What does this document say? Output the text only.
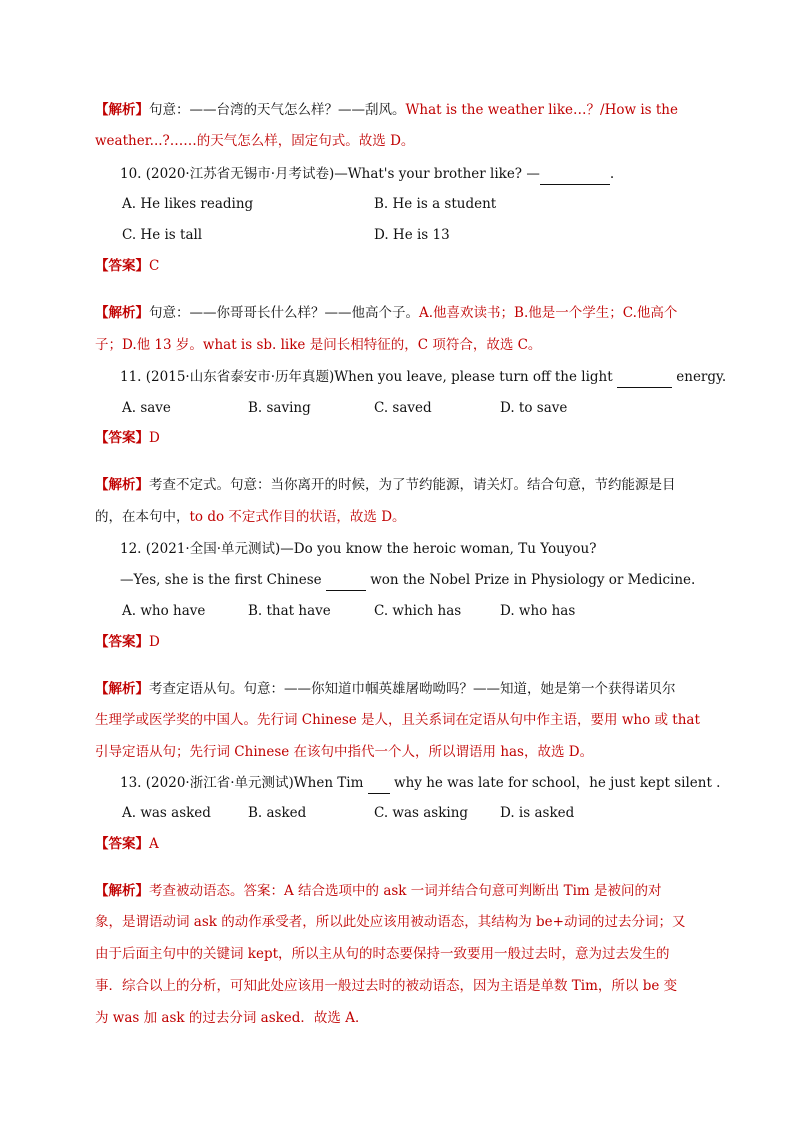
【解析】句意：——台湾的天气怎么样？——刮风。What is the weather like…？/How is the
weather...?……的天气怎么样，固定句式。故选 D。
10. (2020·江苏省无锡市·月考试卷)—What's your brother like? —	.
A. He likes reading	B. He is a student
C. He is tall	D. He is 13
【答案】C
【解析】句意：——你哥哥长什么样？——他高个子。A.他喜欢读书；B.他是一个学生；C.他高个
子；D.他 13 岁。what is sb. like 是问长相特征的，C 项符合，故选 C。
11. (2015·山东省泰安市·历年真题)When you leave, please turn off the light	energy.
A. save	B. saving	C. saved	D. to save
【答案】D
【解析】考查不定式。句意：当你离开的时候，为了节约能源，请关灯。结合句意，节约能源是目
的，在本句中，to do 不定式作目的状语，故选 D。
12. (2021·全国·单元测试)—Do you know the heroic woman, Tu Youyou?
—Yes, she is the first Chinese	won the Nobel Prize in Physiology or Medicine.
A. who have	B. that have	C. which has	D. who has
【答案】D
【解析】考查定语从句。句意：——你知道巾帼英雄屠呦呦吗？——知道，她是第一个获得诺贝尔
生理学或医学奖的中国人。先行词 Chinese 是人，且关系词在定语从句中作主语，要用 who 或 that
引导定语从句；先行词 Chinese 在该句中指代一个人，所以谓语用 has，故选 D。
13. (2020·浙江省·单元测试)When Tim   why he was late for school，he just kept silent .
A. was asked	B. asked	C. was asking D. is asked
【答案】A
【解析】考查被动语态。答案：A 结合选项中的 ask 一词并结合句意可判断出 Tim 是被问的对
象，是谓语动词 ask 的动作承受者，所以此处应该用被动语态，其结构为 be+动词的过去分词；又
由于后面主句中的关键词 kept，所以主从句的时态要保持一致要用一般过去时，意为过去发生的
事．综合以上的分析，可知此处应该用一般过去时的被动语态，因为主语是单数 Tim，所以 be 变
为 was 加 ask 的过去分词 asked．故选 A．
